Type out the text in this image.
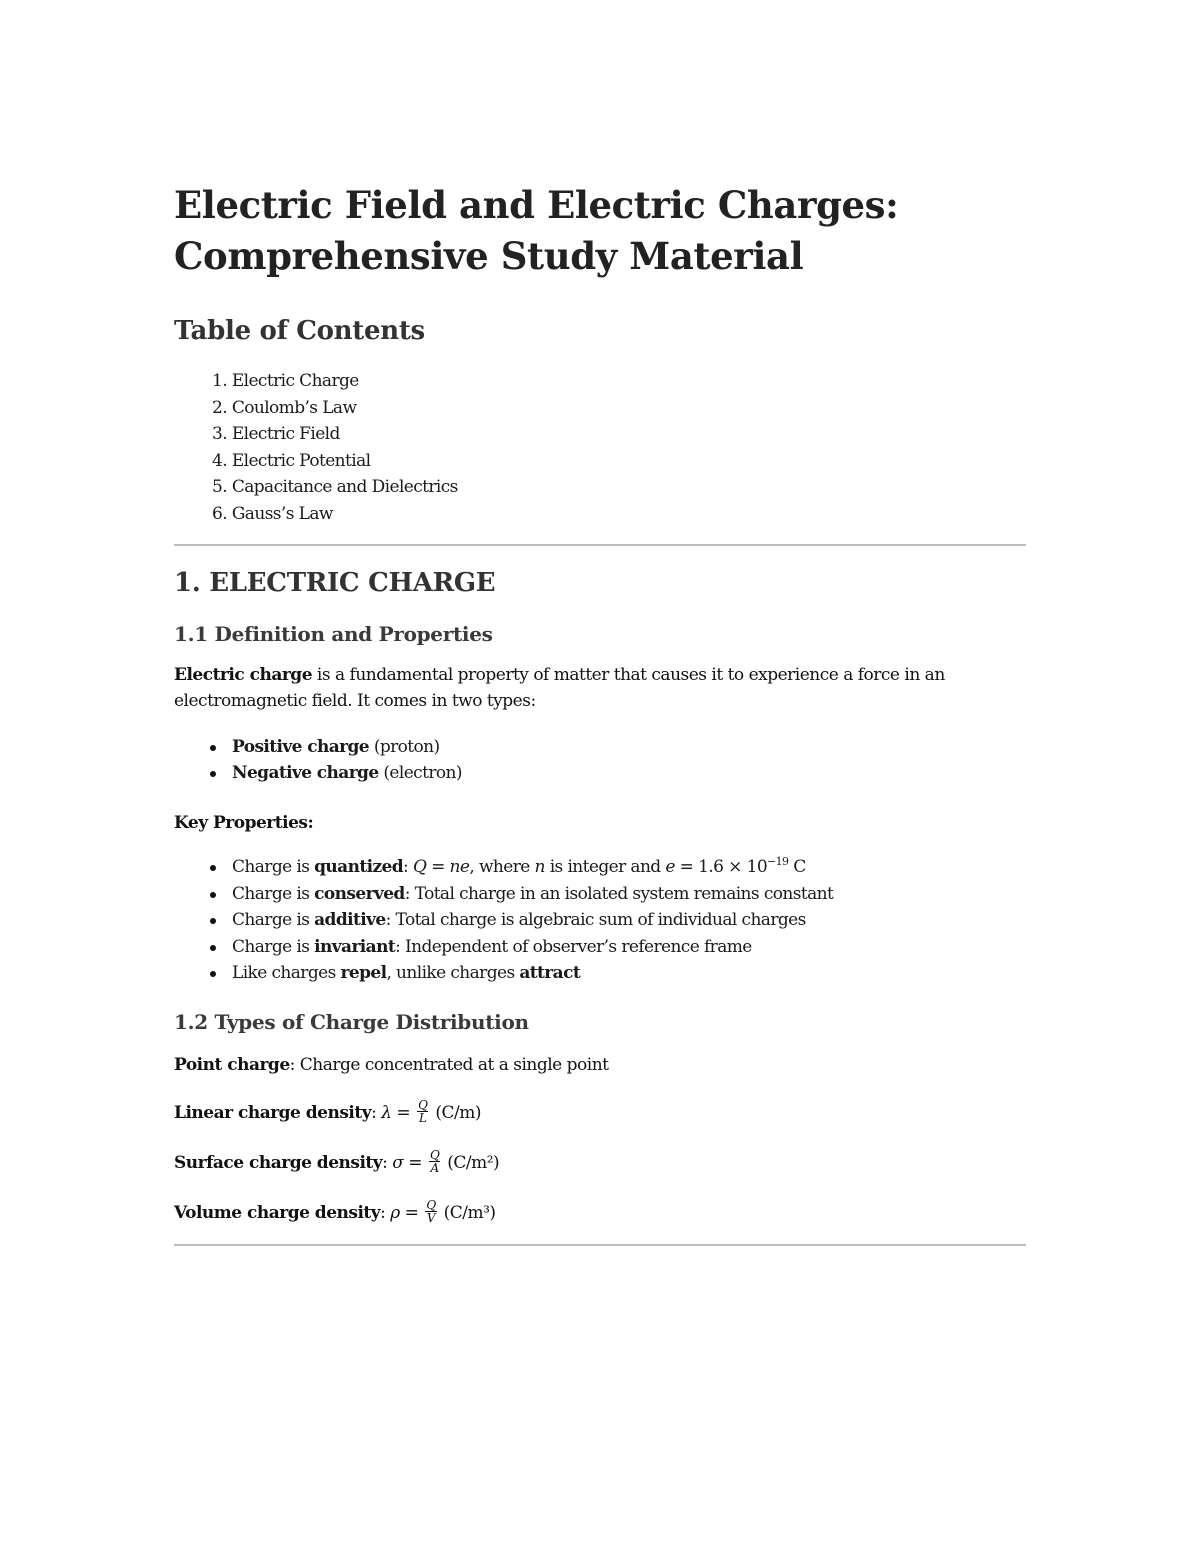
Electric Field and Electric Charges:
Comprehensive Study Material
Table of Contents
1. Electric Charge
2. Coulomb’s Law
3. Electric Field
4. Electric Potential
5. Capacitance and Dielectrics
6. Gauss’s Law
1. ELECTRIC CHARGE
1.1 Definition and Properties

Electric charge is a fundamental property of matter that causes it to experience a force in an electromagnetic field. It comes in two types:

Positive charge (proton)
Negative charge (electron)

Key Properties:

Charge is quantized: Q = ne, where n is integer and $e = 1.6 \times 10^{-19}$ C
Charge is conserved: Total charge in an isolated system remains constant
Charge is additive: Total charge is algebraic sum of individual charges
Charge is invariant: Independent of observer’s reference frame
Like charges repel, unlike charges attract
1.2 Types of Charge Distribution

Point charge: Charge concentrated at a single point

Linear charge density: $\lambda = \frac{Q}{L} (C/m)$

Surface charge density: $\sigma = \frac{Q}{A} (C/m^2)$

Volume charge density: $\rho = \frac{Q}{V} (C/m^3)$
